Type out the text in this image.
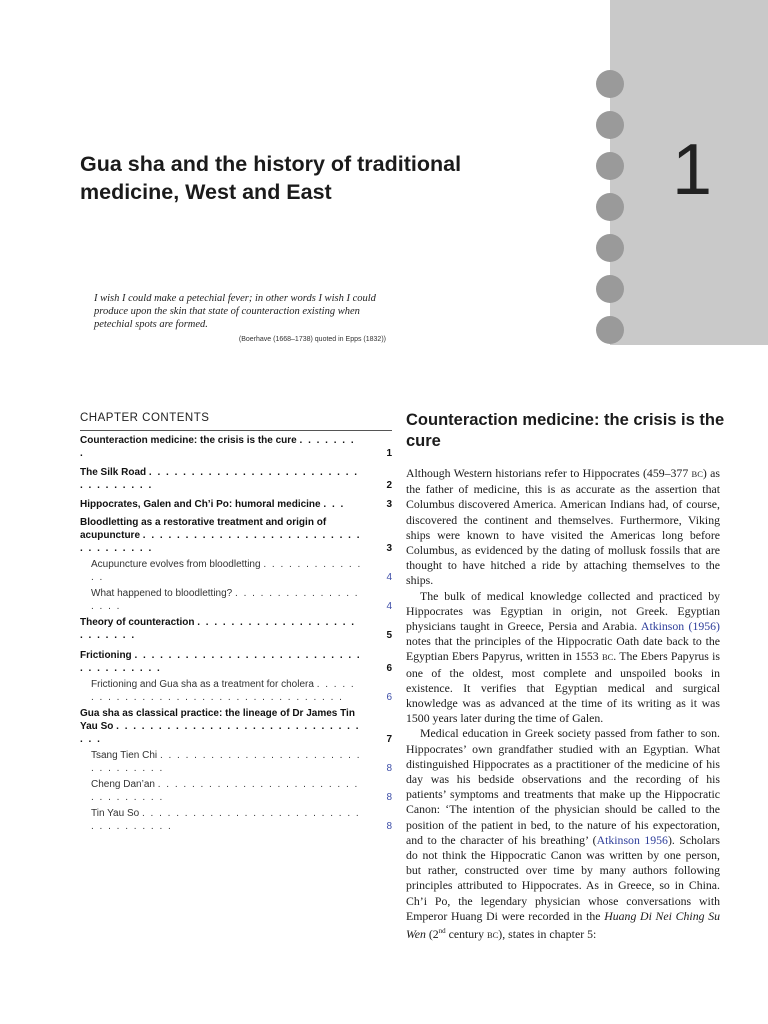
1
Gua sha and the history of traditional medicine, West and East
I wish I could make a petechial fever; in other words I wish I could produce upon the skin that state of counteraction existing when petechial spots are formed.
(Boerhave (1668–1738) quoted in Epps (1832))
CHAPTER CONTENTS
Counteraction medicine: the crisis is the cure . . . . . . . .	1
The Silk Road . . . . . . . . . . . . . . . . . . . . . . . . . . . . . . . . . .	2
Hippocrates, Galen and Ch’i Po: humoral medicine . . .	3
Bloodletting as a restorative treatment and origin of acupuncture . . . . . . . . . . . . . . . . . . . . . . . . . . . . . . . . . . .	3
Acupuncture evolves from bloodletting . . . . . . . . . . . . . .	4
What happened to bloodletting? . . . . . . . . . . . . . . . . . . .	4
Theory of counteraction . . . . . . . . . . . . . . . . . . . . . . . . . .	5
Frictioning . . . . . . . . . . . . . . . . . . . . . . . . . . . . . . . . . . . . .	6
Frictioning and Gua sha as a treatment for cholera . . . . . . . . . . . . . . . . . . . . . . . . . . . . . . . . . . .	6
Gua sha as classical practice: the lineage of Dr James Tin Yau So . . . . . . . . . . . . . . . . . . . . . . . . . . . . . . . .	7
Tsang Tien Chi . . . . . . . . . . . . . . . . . . . . . . . . . . . . . . . . .	8
Cheng Dan’an . . . . . . . . . . . . . . . . . . . . . . . . . . . . . . . . .	8
Tin Yau So . . . . . . . . . . . . . . . . . . . . . . . . . . . . . . . . . . . .	8
Counteraction medicine: the crisis is the cure

Although Western historians refer to Hippocrates (459–377 BC) as the father of medicine, this is as accurate as the assertion that Columbus discovered America. American Indians had, of course, discovered the continent and themselves. Furthermore, Viking ships were known to have visited the Americas long before Columbus, as evidenced by the dating of mollusk fossils that are thought to have hitched a ride by attaching themselves to the ships.

The bulk of medical knowledge collected and practiced by Hippocrates was Egyptian in origin, not Greek. Egyptian physicians taught in Greece, Persia and Arabia. Atkinson (1956) notes that the principles of the Hippocratic Oath date back to the Egyptian Ebers Papyrus, written in 1553 BC. The Ebers Papyrus is one of the oldest, most complete and unspoiled books in existence. It verifies that Egyptian medical and surgical knowledge was as advanced at the time of its writing as it was 1500 years later during the time of Galen.

Medical education in Greek society passed from father to son. Hippocrates’ own grandfather studied with an Egyptian. What distinguished Hippocrates as a practitioner of the medicine of his day was his bedside observations and the recording of his patients’ symptoms and treatments that make up the Hippocratic Canon: ‘The intention of the physician should be called to the position of the patient in bed, to the nature of his expectoration, and to the character of his breathing’ (Atkinson 1956). Scholars do not think the Hippocratic Canon was written by one person, but rather, constructed over time by many authors following principles attributed to Hippocrates. As in Greece, so in China. Ch’i Po, the legendary physician whose conversations with Emperor Huang Di were recorded in the Huang Di Nei Ching Su Wen (2nd century BC), states in chapter 5:
